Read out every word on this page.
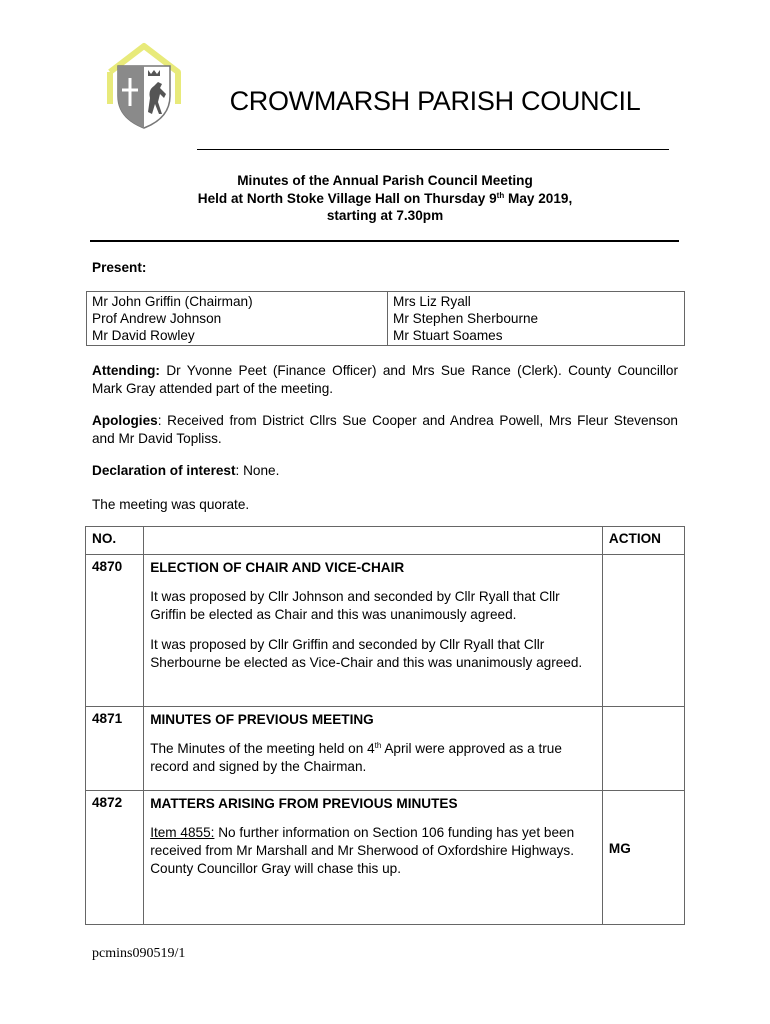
CROWMARSH PARISH COUNCIL
Minutes of the Annual Parish Council Meeting
Held at North Stoke Village Hall on Thursday 9th May 2019,
starting at 7.30pm
Present:
Mr John Griffin (Chairman)
Prof Andrew Johnson
Mr David Rowley

Mrs Liz Ryall
Mr Stephen Sherbourne
Mr Stuart Soames
Attending: Dr Yvonne Peet (Finance Officer) and Mrs Sue Rance (Clerk). County Councillor Mark Gray attended part of the meeting.
Apologies: Received from District Cllrs Sue Cooper and Andrea Powell, Mrs Fleur Stevenson and Mr David Topliss.
Declaration of interest: None.
The meeting was quorate.
NO.		ACTION
4870	ELECTION OF CHAIR AND VICE-CHAIR
It was proposed by Cllr Johnson and seconded by Cllr Ryall that Cllr Griffin be elected as Chair and this was unanimously agreed.
It was proposed by Cllr Griffin and seconded by Cllr Ryall that Cllr Sherbourne be elected as Vice-Chair and this was unanimously agreed.	

4871	MINUTES OF PREVIOUS MEETING
The Minutes of the meeting held on 4th April were approved as a true record and signed by the Chairman.	

4872	MATTERS ARISING FROM PREVIOUS MINUTES
Item 4855: No further information on Section 106 funding has yet been received from Mr Marshall and Mr Sherwood of Oxfordshire Highways. County Councillor Gray will chase this up.	MG
pcmins090519/1
